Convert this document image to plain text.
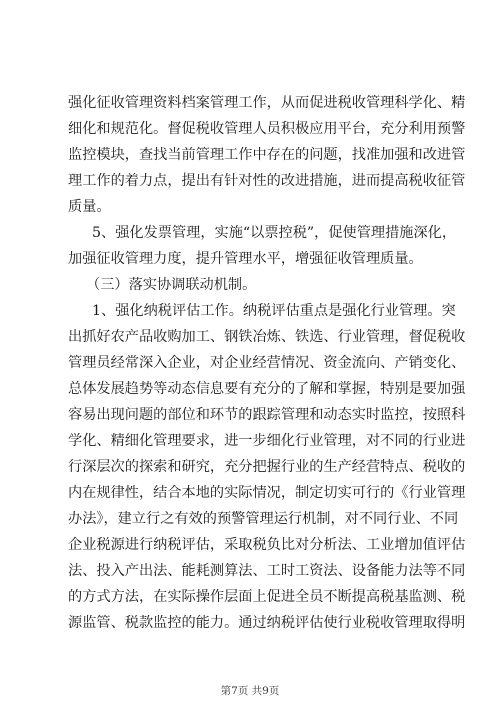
强化征收管理资料档案管理工作，从而促进税收管理科学化、精
细化和规范化。督促税收管理人员积极应用平台，充分利用预警
监控模块，查找当前管理工作中存在的问题，找准加强和改进管
理工作的着力点，提出有针对性的改进措施，进而提高税收征管
质量。
5、强化发票管理，实施“以票控税”，促使管理措施深化，
加强征收管理力度，提升管理水平，增强征收管理质量。
（三）落实协调联动机制。
1、强化纳税评估工作。纳税评估重点是强化行业管理。突
出抓好农产品收购加工、钢铁冶炼、铁选、行业管理，督促税收
管理员经常深入企业，对企业经营情况、资金流向、产销变化、
总体发展趋势等动态信息要有充分的了解和掌握，特别是要加强
容易出现问题的部位和环节的跟踪管理和动态实时监控，按照科
学化、精细化管理要求，进一步细化行业管理，对不同的行业进
行深层次的探索和研究，充分把握行业的生产经营特点、税收的
内在规律性，结合本地的实际情况，制定切实可行的《行业管理
办法》，建立行之有效的预警管理运行机制，对不同行业、不同
企业税源进行纳税评估，采取税负比对分析法、工业增加值评估
法、投入产出法、能耗测算法、工时工资法、设备能力法等不同
的方式方法，在实际操作层面上促进全员不断提高税基监测、税
源监管、税款监控的能力。通过纳税评估使行业税收管理取得明
第7页 共9页
